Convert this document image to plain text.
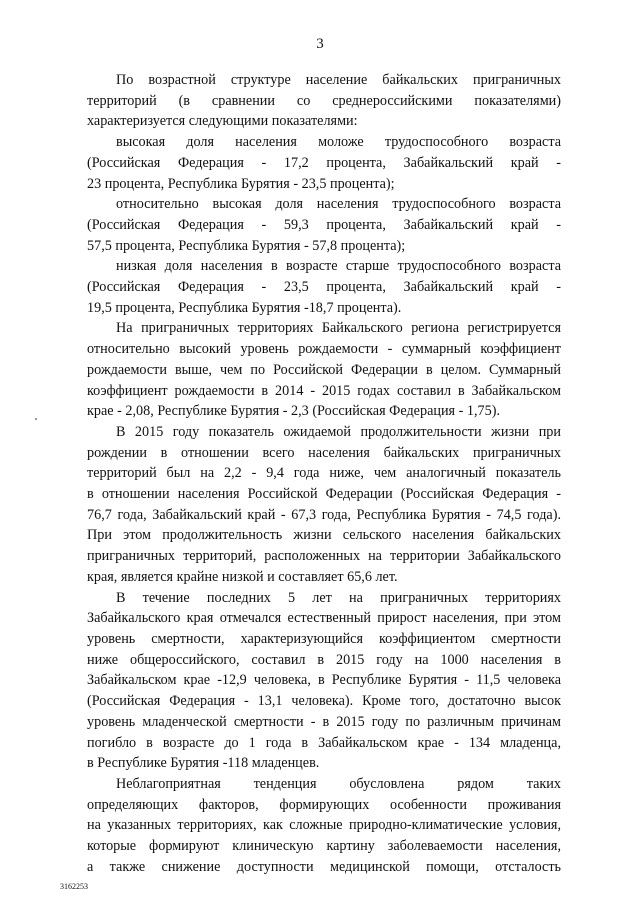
3
По возрастной структуре население байкальских приграничных
территорий (в сравнении со среднероссийскими показателями)
характеризуется следующими показателями:
высокая доля населения моложе трудоспособного возраста
(Российская Федерация - 17,2 процента, Забайкальский край -
23 процента, Республика Бурятия - 23,5 процента);
относительно высокая доля населения трудоспособного возраста
(Российская Федерация - 59,3 процента, Забайкальский край -
57,5 процента, Республика Бурятия - 57,8 процента);
низкая доля населения в возрасте старше трудоспособного возраста
(Российская Федерация - 23,5 процента, Забайкальский край -
19,5 процента, Республика Бурятия -18,7 процента).
На приграничных территориях Байкальского региона регистрируется
относительно высокий уровень рождаемости - суммарный коэффициент
рождаемости выше, чем по Российской Федерации в целом. Суммарный
коэффициент рождаемости в 2014 - 2015 годах составил в Забайкальском
крае - 2,08, Республике Бурятия - 2,3 (Российская Федерация - 1,75).
В 2015 году показатель ожидаемой продолжительности жизни при
рождении в отношении всего населения байкальских приграничных
территорий был на 2,2 - 9,4 года ниже, чем аналогичный показатель
в отношении населения Российской Федерации (Российская Федерация -
76,7 года, Забайкальский край - 67,3 года, Республика Бурятия - 74,5 года).
При этом продолжительность жизни сельского населения байкальских
приграничных территорий, расположенных на территории Забайкальского
края, является крайне низкой и составляет 65,6 лет.
В течение последних 5 лет на приграничных территориях
Забайкальского края отмечался естественный прирост населения, при этом
уровень смертности, характеризующийся коэффициентом смертности
ниже общероссийского, составил в 2015 году на 1000 населения в
Забайкальском крае -12,9 человека, в Республике Бурятия - 11,5 человека
(Российская Федерация - 13,1 человека). Кроме того, достаточно высок
уровень младенческой смертности - в 2015 году по различным причинам
погибло в возрасте до 1 года в Забайкальском крае - 134 младенца,
в Республике Бурятия -118 младенцев.
Неблагоприятная тенденция обусловлена рядом таких
определяющих факторов, формирующих особенности проживания
на указанных территориях, как сложные природно-климатические условия,
которые формируют клиническую картину заболеваемости населения,
а также снижение доступности медицинской помощи, отсталость
3162253
